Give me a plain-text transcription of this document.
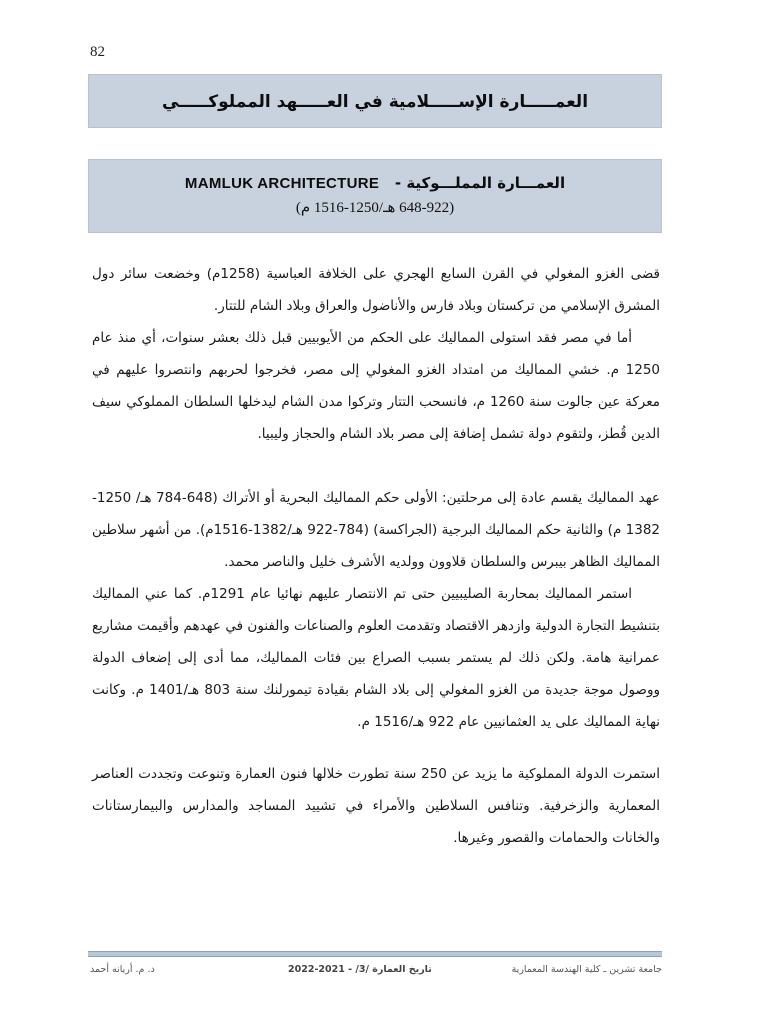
82
العمـــــارة الإســـــلامية في العـــــهد المملوكـــــي
العمـــارة المملـــوكية -   MAMLUK ARCHITECTURE
(648-922 هـ/1250-1516 م)

قضى الغزو المغولي في القرن السابع الهجري على الخلافة العباسية (1258م) وخضعت سائر دول المشرق الإسلامي من تركستان وبلاد فارس والأناضول والعراق وبلاد الشام للتتار.

أما في مصر فقد استولى المماليك على الحكم من الأيوبيين قبل ذلك بعشر سنوات، أي منذ عام 1250 م. خشي المماليك من امتداد الغزو المغولي إلى مصر، فخرجوا لحربهم وانتصروا عليهم في معركة عين جالوت سنة 1260 م، فانسحب التتار وتركوا مدن الشام ليدخلها السلطان المملوكي سيف الدين قُطز، ولتقوم دولة تشمل إضافة إلى مصر بلاد الشام والحجاز وليبيا.

عهد المماليك يقسم عادة إلى مرحلتين: الأولى حكم المماليك البحرية أو الأتراك (648-784 هـ/ 1250-1382 م) والثانية حكم المماليك البرجية (الجراكسة) (784-922 هـ/1382-1516م). من أشهر سلاطين المماليك الظاهر بيبرس والسلطان قلاوون وولديه الأشرف خليل والناصر محمد.

استمر المماليك بمحاربة الصليبيين حتى تم الانتصار عليهم نهائيا عام 1291م. كما عني المماليك بتنشيط التجارة الدولية وازدهر الاقتصاد وتقدمت العلوم والصناعات والفنون في عهدهم وأقيمت مشاريع عمرانية هامة. ولكن ذلك لم يستمر بسبب الصراع بين فئات المماليك، مما أدى إلى إضعاف الدولة ووصول موجة جديدة من الغزو المغولي إلى بلاد الشام بقيادة تيمورلنك سنة 803 هـ/1401 م. وكانت نهاية المماليك على يد العثمانيين عام 922 هـ/1516 م.

استمرت الدولة المملوكية ما يزيد عن 250 سنة تطورت خلالها فنون العمارة وتنوعت وتجددت العناصر المعمارية والزخرفية. وتنافس السلاطين والأمراء في تشييد المساجد والمدارس والبيمارستانات والخانات والحمامات والقصور وغيرها.

جامعة تشرين ـ كلية الهندسة المعمارية
تاريخ العمارة /3/ - 2021-2022
د. م. أريانه أحمد
